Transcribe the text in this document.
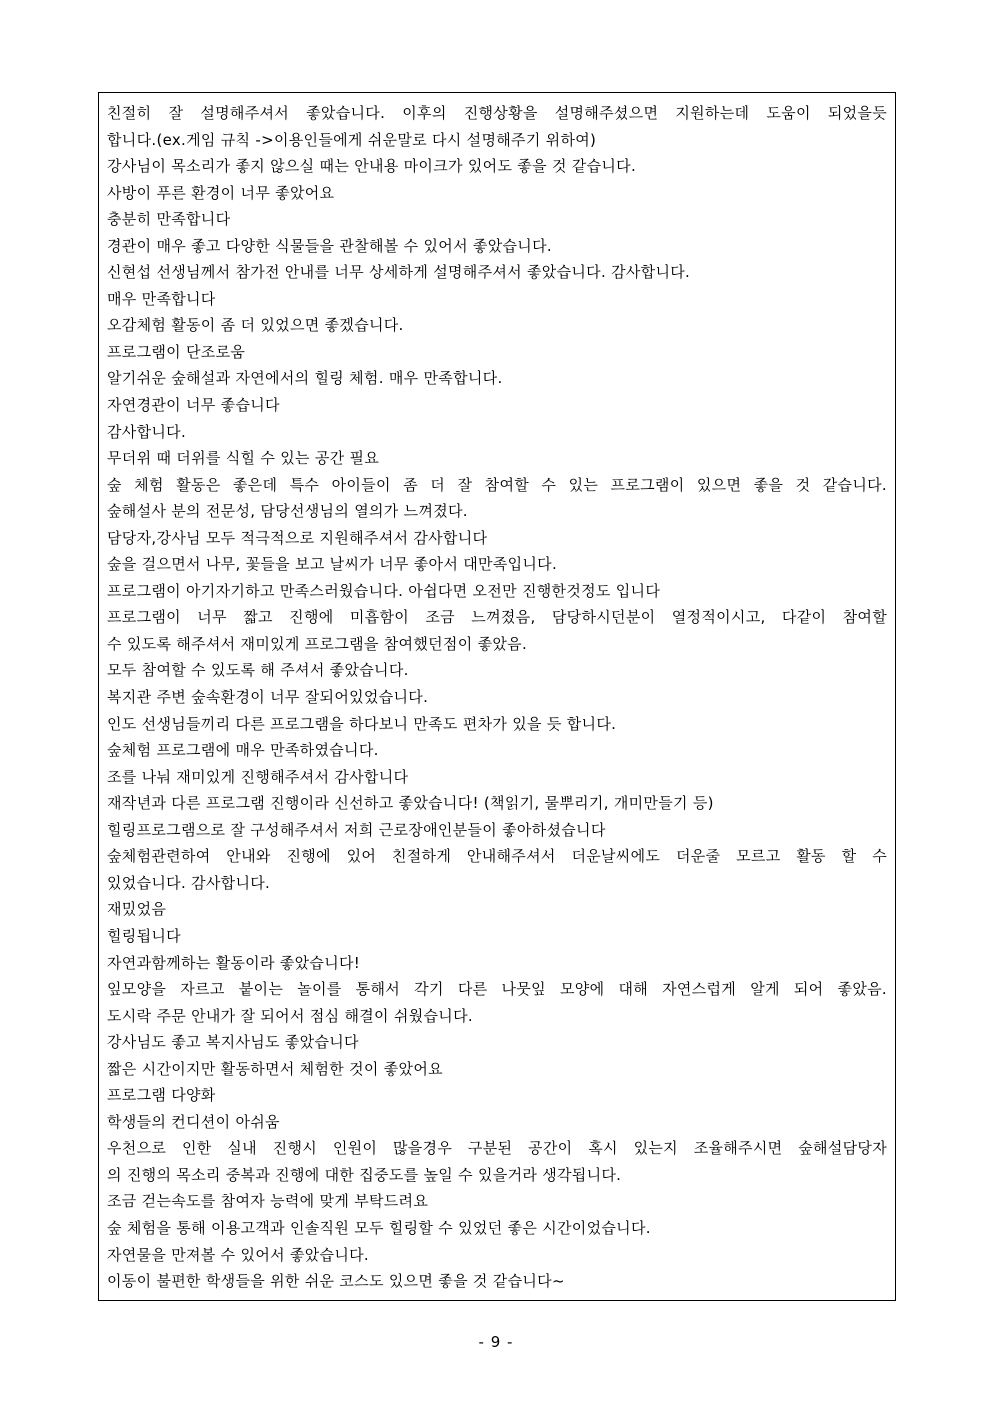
친절히 잘 설명해주셔서 좋았습니다. 이후의 진행상황을 설명해주셨으면 지원하는데 도움이 되었을듯
합니다.(ex.게임 규칙 ->이용인들에게 쉬운말로 다시 설명해주기 위하여)
강사님이 목소리가 좋지 않으실 때는 안내용 마이크가 있어도 좋을 것 같습니다.
사방이 푸른 환경이 너무 좋았어요
충분히 만족합니다
경관이 매우 좋고 다양한 식물들을 관찰해볼 수 있어서 좋았습니다.
신현섭 선생님께서 참가전 안내를 너무 상세하게 설명해주셔서 좋았습니다. 감사합니다.
매우 만족합니다
오감체험 활동이 좀 더 있었으면 좋겠습니다.
프로그램이 단조로움
알기쉬운 숲해설과 자연에서의 힐링 체험. 매우 만족합니다.
자연경관이 너무 좋습니다
감사합니다.
무더위 때 더위를 식힐 수 있는 공간 필요
숲 체험 활동은 좋은데 특수 아이들이 좀 더 잘 참여할 수 있는 프로그램이 있으면 좋을 것 같습니다.
숲해설사 분의 전문성, 담당선생님의 열의가 느껴졌다.
담당자,강사님 모두 적극적으로 지원해주셔서 감사합니다
숲을 걸으면서 나무, 꽃들을 보고 날씨가 너무 좋아서 대만족입니다.
프로그램이 아기자기하고 만족스러웠습니다. 아쉽다면 오전만 진행한것정도 입니다
프로그램이 너무 짧고 진행에 미흡함이 조금 느껴졌음, 담당하시던분이 열정적이시고, 다같이 참여할
수 있도록 해주셔서 재미있게 프로그램을 참여했던점이 좋았음.
모두 참여할 수 있도록 해 주셔서 좋았습니다.
복지관 주변 숲속환경이 너무 잘되어있었습니다.
인도 선생님들끼리 다른 프로그램을 하다보니 만족도 편차가 있을 듯 합니다.
숲체험 프로그램에 매우 만족하였습니다.
조를 나눠 재미있게 진행해주셔서 감사합니다
재작년과 다른 프로그램 진행이라 신선하고 좋았습니다! (책읽기, 물뿌리기, 개미만들기 등)
힐링프로그램으로 잘 구성해주셔서 저희 근로장애인분들이 좋아하셨습니다
숲체험관련하여 안내와 진행에 있어 친절하게 안내해주셔서 더운날씨에도 더운줄 모르고 활동 할 수
있었습니다. 감사합니다.
재밌었음
힐링됩니다
자연과함께하는 활동이라 좋았습니다!
잎모양을 자르고 붙이는 놀이를 통해서 각기 다른 나뭇잎 모양에 대해 자연스럽게 알게 되어 좋았음.
도시락 주문 안내가 잘 되어서 점심 해결이 쉬웠습니다.
강사님도 좋고 복지사님도 좋았습니다
짧은 시간이지만 활동하면서 체험한 것이 좋았어요
프로그램 다양화
학생들의 컨디션이 아쉬움
우천으로 인한 실내 진행시 인원이 많을경우 구분된 공간이 혹시 있는지 조율해주시면 숲해설담당자
의 진행의 목소리 중복과 진행에 대한 집중도를 높일 수 있을거라 생각됩니다.
조금 걷는속도를 참여자 능력에 맞게 부탁드려요
숲 체험을 통해 이용고객과 인솔직원 모두 힐링할 수 있었던 좋은 시간이었습니다.
자연물을 만져볼 수 있어서 좋았습니다.
이동이 불편한 학생들을 위한 쉬운 코스도 있으면 좋을 것 같습니다~
- 9 -
